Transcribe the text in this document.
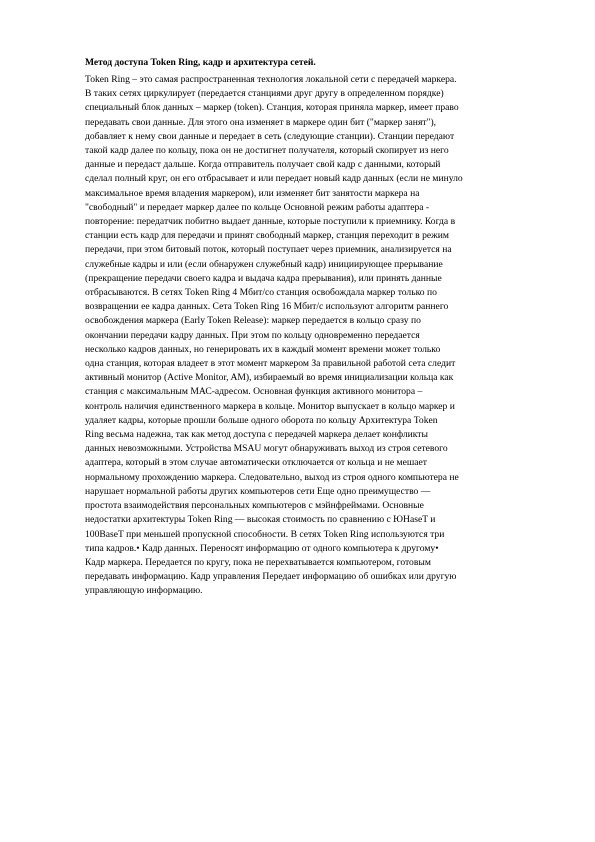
Метод доступа Token Ring, кадр и архитектура сетей.
Token Ring – это самая распространенная технология локальной сети с передачей маркера.
В таких сетях циркулирует (передается станциями друг другу в определенном порядке)
специальный блок данных – маркер (token). Станция, которая приняла маркер, имеет право
передавать свои данные. Для этого она изменяет в маркере один бит ("маркер занят"),
добавляет к нему свои данные и передает в сеть (следующие станции). Станции передают
такой кадр далее по кольцу, пока он не достигнет получателя, который скопирует из него
данные и передаст дальше. Когда отправитель получает свой кадр с данными, который
сделал полный круг, он его отбрасывает и или передает новый кадр данных (если не минуло
максимальное время владения маркером), или изменяет бит занятости маркера на
"свободный" и передает маркер далее по кольце Основной режим работы адаптера -
повторение: передатчик побитно выдает данные, которые поступили к приемнику. Когда в
станции есть кадр для передачи и принят свободный маркер, станция переходит в режим
передачи, при этом битовый поток, который поступает через приемник, анализируется на
служебные кадры и или (если обнаружен служебный кадр) инициирующее прерывание
(прекращение передачи своего кадра и выдача кадра прерывания), или принять данные
отбрасываются. В сетях Token Ring 4 Мбит/со станция освобождала маркер только по
возвращении ее кадра данных. Сета Token Ring 16 Мбит/с используют алгоритм раннего
освобождения маркера (Early Token Release): маркер передается в кольцо сразу по
окончании передачи кадру данных. При этом по кольцу одновременно передается
несколько кадров данных, но генерировать их в каждый момент времени может только
одна станция, которая владеет в этот момент маркером За правильной работой сета следит
активный монитор (Active Monitor, AM), избираемый во время инициализации кольца как
станция с максимальным МАС-адресом. Основная функция активного монитора –
контроль наличия единственного маркера в кольце. Монитор выпускает в кольцо маркер и
удаляет кадры, которые прошли больше одного оборота по кольцу Архитектура Token
Ring весьма надежна, так как метод доступа с передачей маркера делает конфликты
данных невозможными. Устройства MSAU могут обнаруживать выход из строя сетевого
адаптера, который в этом случае автоматически отключается от кольца и не мешает
нормальному прохождению маркера. Следовательно, выход из строя одного компьютера не
нарушает нормальной работы других компьютеров сети Еще одно преимущество —
простота взаимодействия персональных компьютеров с мэйнфреймами. Основные
недостатки архитектуры Token Ring — высокая стоимость по сравнению с ЮНаseT и
100BaseT при меньшей пропускной способности. В сетях Token Ring используются три
типа кадров.• Кадр данных. Переносят информацию от одного компьютера к другому•
Кадр маркера. Передается по кругу, пока не перехватывается компьютером, готовым
передавать информацию. Кадр управления Передает информацию об ошибках или другую
управляющую информацию.
